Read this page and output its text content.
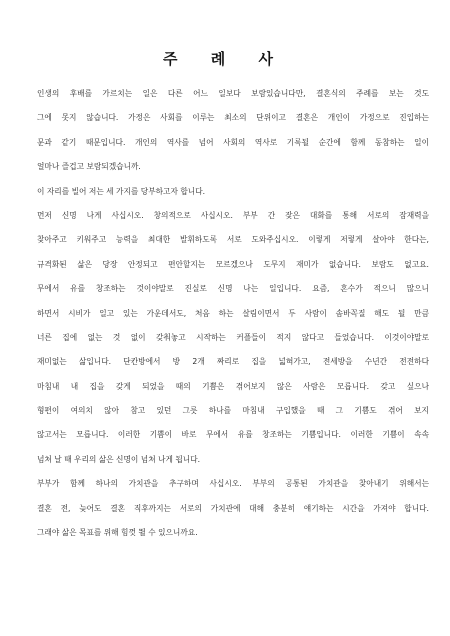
주 례 사
인생의 후배를 가르치는 일은 다른 어느 일보다 보람있습니다만, 결혼식의 주례를 보는 것도
그에 못지 않습니다. 가정은 사회를 이루는 최소의 단위이고 결혼은 개인이 가정으로 진입하는
문과 같기 때문입니다. 개인의 역사를 넘어 사회의 역사로 기록될 순간에 함께 동참하는 일이
얼마나 즐겁고 보람되겠습니까.
이 자리를 빌어 저는 세 가지를 당부하고자 합니다.
먼저 신명 나게 사십시오. 창의적으로 사십시오. 부부 간 잦은 대화를 통해 서로의 잠재력을
찾아주고 키워주고 능력을 최대한 발휘하도록 서로 도와주십시오. 이렇게 저렇게 살아야 한다는,
규격화된 삶은 당장 안정되고 편안할지는 모르겠으나 도무지 재미가 없습니다. 보람도 없고요.
무에서 유를 창조하는 것이야말로 진실로 신명 나는 일입니다. 요즘, 혼수가 적으니 많으니
하면서 시비가 일고 있는 가운데서도, 처음 하는 살림이면서 두 사람이 솜바꼭질 해도 될 만큼
너른 집에 없는 것 없이 갖춰놓고 시작하는 커플들이 적지 않다고 들었습니다. 이것이야말로
재미없는 삶입니다. 단칸방에서 방 2개 짜리로 집을 넓혀가고, 전세방을 수년간 전전하다
마침내 내 집을 갖게 되었을 때의 기쁨은 겪어보지 않은 사람은 모릅니다. 갖고 싶으나
형편이 여의치 않아 참고 있던 그릇 하나를 마침내 구입했을 때 그 기쁨도 겪어 보지
않고서는 모릅니다. 이러한 기쁨이 바로 무에서 유를 창조하는 기쁨입니다. 이러한 기쁨이 속속
넘쳐 날 때 우리의 삶은 신명이 넘쳐 나게 됩니다.
부부가 함께 하나의 가치관을 추구하며 사십시오. 부부의 공통된 가치관을 찾아내기 위해서는
결혼 전, 늦어도 결혼 직후까지는 서로의 가치관에 대해 충분히 얘기하는 시간을 가져야 합니다.
그래야 삶은 목표를 위해 힘껏 뛸 수 있으니까요.
